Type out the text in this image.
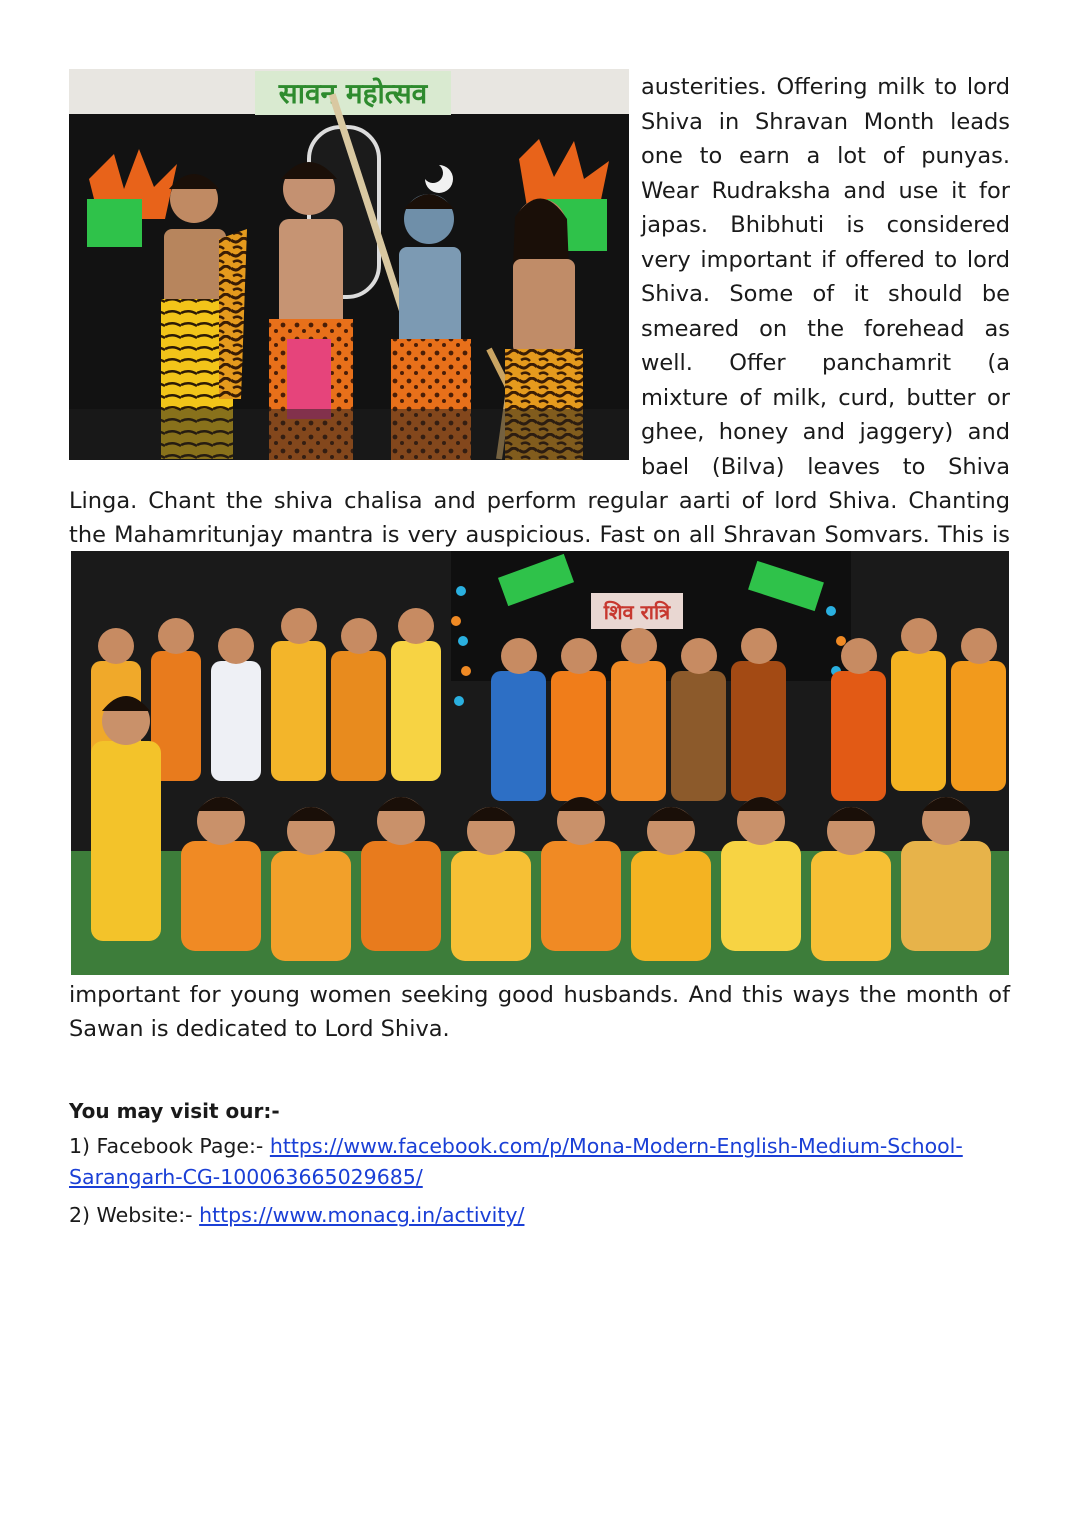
सावन महोत्सव	austerities. Offering milk to lord
Shiva in Shravan Month leads
one to earn a lot of punyas.
Wear Rudraksha and use it for
japas. Bhibhuti is considered
very important if offered to lord
Shiva. Some of it should be
smeared on the forehead as
well. Offer panchamrit (a
mixture of milk, curd, butter or
ghee, honey and jaggery) and
bael (Bilva) leaves to Shiva
Linga. Chant the shiva chalisa and perform regular aarti of lord Shiva. Chanting
the Mahamritunjay mantra is very auspicious. Fast on all Shravan Somvars. This is
शिव रात्रि
important for young women seeking good husbands. And this ways the month of
Sawan is dedicated to Lord Shiva.
You may visit our:-
1) Facebook Page:- https://www.facebook.com/p/Mona-Modern-English-Medium-School-
Sarangarh-CG-100063665029685/
2) Website:- https://www.monacg.in/activity/
